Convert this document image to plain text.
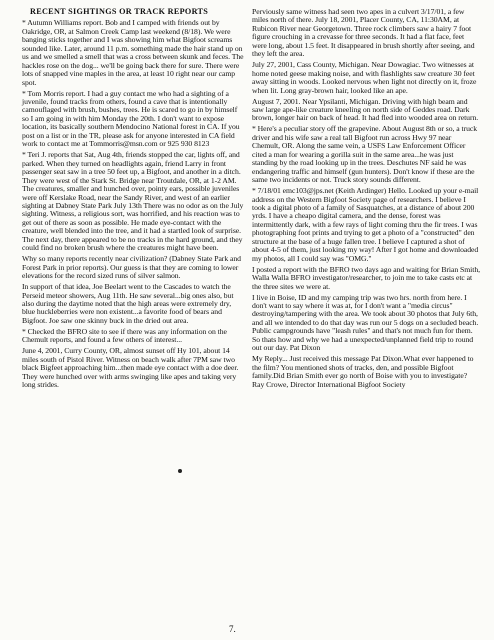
RECENT SIGHTINGS OR TRACK REPORTS

* Autumn Williams report. Bob and I camped with friends out by Oakridge, OR, at Salmon Creek Camp last weekend (8/18). We were banging sticks together and I was showing him what Bigfoot screams sounded like. Later, around 11 p.m. something made the hair stand up on us and we smelled a smell that was a cross between skunk and feces. The hackles rose on the dog... we'll be going back there for sure. There were lots of snapped vine maples in the area, at least 10 right near our camp spot.

* Tom Morris report. I had a guy contact me who had a sighting of a juvenile, found tracks from others, found a cave that is intentionally camouflaged with brush, bushes, trees. He is scared to go in by himself so I am going in with him Monday the 20th. I don't want to expose location, its basically southern Mendocino National forest in CA. If you post on a list or in the TR, please ask for anyone interested in CA field work to contact me at Tommorris@msn.com or 925 930 8123

* Teri J. reports that Sat, Aug 4th, friends stopped the car, lights off, and parked. When they turned on headlights again, friend Larry in front passenger seat saw in a tree 50 feet up, a Bigfoot, and another in a ditch. They were west of the Stark St. Bridge near Troutdale, OR, at 1-2 AM. The creatures, smaller and hunched over, pointy ears, possible juveniles were off Kerslake Road, near the Sandy River, and west of an earlier sighting at Dabney State Park July 13th There was no odor as on the July sighting. Witness, a religious sort, was horrified, and his reaction was to get out of there as soon as possible. He made eye-contact with the creature, well blended into the tree, and it had a startled look of surprise. The next day, there appeared to be no tracks in the hard ground, and they could find no broken brush where the creatures might have been.

Why so many reports recently near civilization? (Dabney State Park and Forest Park in prior reports). Our guess is that they are coming to lower elevations for the record sized runs of silver salmon.

In support of that idea, Joe Beelart went to the Cascades to watch the Perseid meteor showers, Aug 11th. He saw several...big ones also, but also during the daytime noted that the high areas were extremely dry, blue huckleberries were non existent...a favorite food of bears and Bigfoot. Joe saw one skinny buck in the dried out area.

* Checked the BFRO site to see if there was any information on the Chemult reports, and found a few others of interest...

June 4, 2001, Curry County, OR, almost sunset off Hy 101, about 14 miles south of Pistol River. Witness on beach walk after 7PM saw two black Bigfeet approaching him...then made eye contact with a doe deer. They were hunched over with arms swinging like apes and taking very long strides.

Perviously same witness had seen two apes in a culvert 3/17/01, a few miles north of there. July 18, 2001, Placer County, CA, 11:30AM, at Rubicon River near Georgetown. Three rock climbers saw a hairy 7 foot figure crouching in a crevasse for three seconds. It had a flat face, feet were long, about 1.5 feet. It disappeared in brush shortly after seeing, and they left the area.

July 27, 2001, Cass County, Michigan. Near Dowagiac. Two witnesses at home noted geese making noise, and with flashlights saw creature 30 feet away sitting in woods. Looked nervous when light not directly on it, froze when lit. Long gray-brown hair, looked like an ape.

August 7, 2001. Near Ypsilanti, Michigan. Driving with high beam and saw large ape-like creature kneeling on north side of Geddes road. Dark brown, longer hair on back of head. It had fled into wooded area on return.

* Here's a peculiar story off the grapevine. About August 8th or so, a truck driver and his wife saw a real tall Bigfoot run across Hwy 97 near Chemult, OR. Along the same vein, a USFS Law Enforcement Officer cited a man for wearing a gorilla suit in the same area...he was just standing by the road looking up in the trees. Deschutes NF said he was endangering traffic and himself (gun hunters). Don't know if these are the same two incidents or not. Truck story sounds different.

* 7/18/01 emc103@jps.net (Keith Ardinger) Hello. Looked up your e-mail address on the Western Bigfoot Society page of researchers. I believe I took a digital photo of a family of Sasquatches, at a distance of about 200 yrds. I have a cheapo digital camera, and the dense, forest was intermittently dark, with a few rays of light coming thru the fir trees. I was photographing foot prints and trying to get a photo of a "constructed" den structure at the base of a huge fallen tree. I believe I captured a shot of about 4-5 of them, just looking my way! After I got home and downloaded my photos, all I could say was "OMG."

I posted a report with the BFRO two days ago and waiting for Brian Smith, Walla Walla BFRO investigator/researcher, to join me to take casts etc at the three sites we were at.

I live in Boise, ID and my camping trip was two hrs. north from here. I don't want to say where it was at, for I don't want a "media circus" destroying/tampering with the area. We took about 30 photos that July 6th, and all we intended to do that day was run our 5 dogs on a secluded beach. Public campgrounds have "leash rules" and that's not much fun for them. So thats how and why we had a unexpected/unplanned field trip to round out our day. Pat Dixon

My Reply... Just received this message Pat Dixon.What ever happened to the film? You mentioned shots of tracks, den, and possible Bigfoot family.Did Brian Smith ever go north of Boise with you to investigate? Ray Crowe, Director International Bigfoot Society

7.
